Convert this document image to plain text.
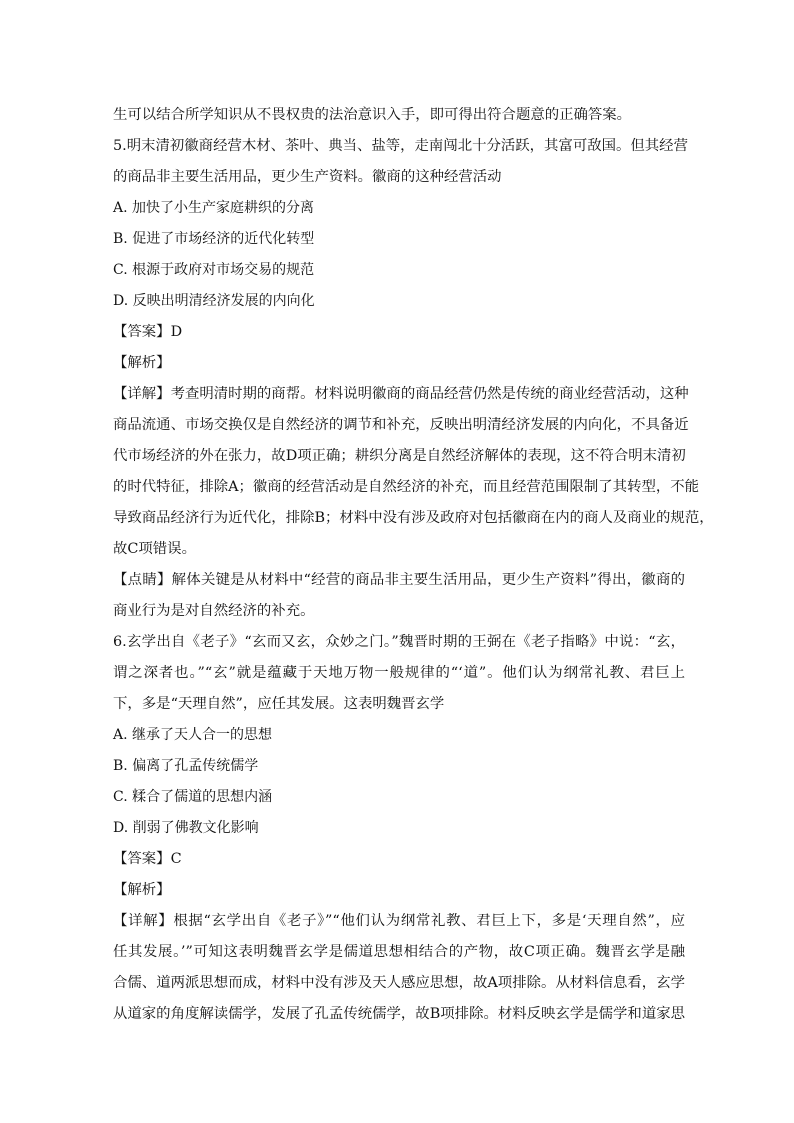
生可以结合所学知识从不畏权贵的法治意识入手，即可得出符合题意的正确答案。
5.明末清初徽商经营木材、茶叶、典当、盐等，走南闯北十分活跃，其富可敌国。但其经营
的商品非主要生活用品，更少生产资料。徽商的这种经营活动
A. 加快了小生产家庭耕织的分离
B. 促进了市场经济的近代化转型
C. 根源于政府对市场交易的规范
D. 反映出明清经济发展的内向化
【答案】D
【解析】
【详解】考查明清时期的商帮。材料说明徽商的商品经营仍然是传统的商业经营活动，这种
商品流通、市场交换仅是自然经济的调节和补充，反映出明清经济发展的内向化，不具备近
代市场经济的外在张力，故D项正确；耕织分离是自然经济解体的表现，这不符合明末清初
的时代特征，排除A；徽商的经营活动是自然经济的补充，而且经营范围限制了其转型，不能
导致商品经济行为近代化，排除B；材料中没有涉及政府对包括徽商在内的商人及商业的规范，
故C项错误。
【点睛】解体关键是从材料中“经营的商品非主要生活用品，更少生产资料”得出，徽商的
商业行为是对自然经济的补充。
6.玄学出自《老子》“玄而又玄，众妙之门。”魏晋时期的王弼在《老子指略》中说：“玄，
谓之深者也。”“玄”就是蕴藏于天地万物一般规律的“‘道”。他们认为纲常礼教、君巨上
下，多是“天理自然”，应任其发展。这表明魏晋玄学
A. 继承了天人合一的思想
B. 偏离了孔孟传统儒学
C. 糅合了儒道的思想内涵
D. 削弱了佛教文化影响
【答案】C
【解析】
【详解】根据“玄学出自《老子》”“他们认为纲常礼教、君巨上下，多是‘天理自然”，应
任其发展。’”可知这表明魏晋玄学是儒道思想相结合的产物，故C项正确。魏晋玄学是融
合儒、道两派思想而成，材料中没有涉及天人感应思想，故A项排除。从材料信息看，玄学
从道家的角度解读儒学，发展了孔孟传统儒学，故B项排除。材料反映玄学是儒学和道家思
